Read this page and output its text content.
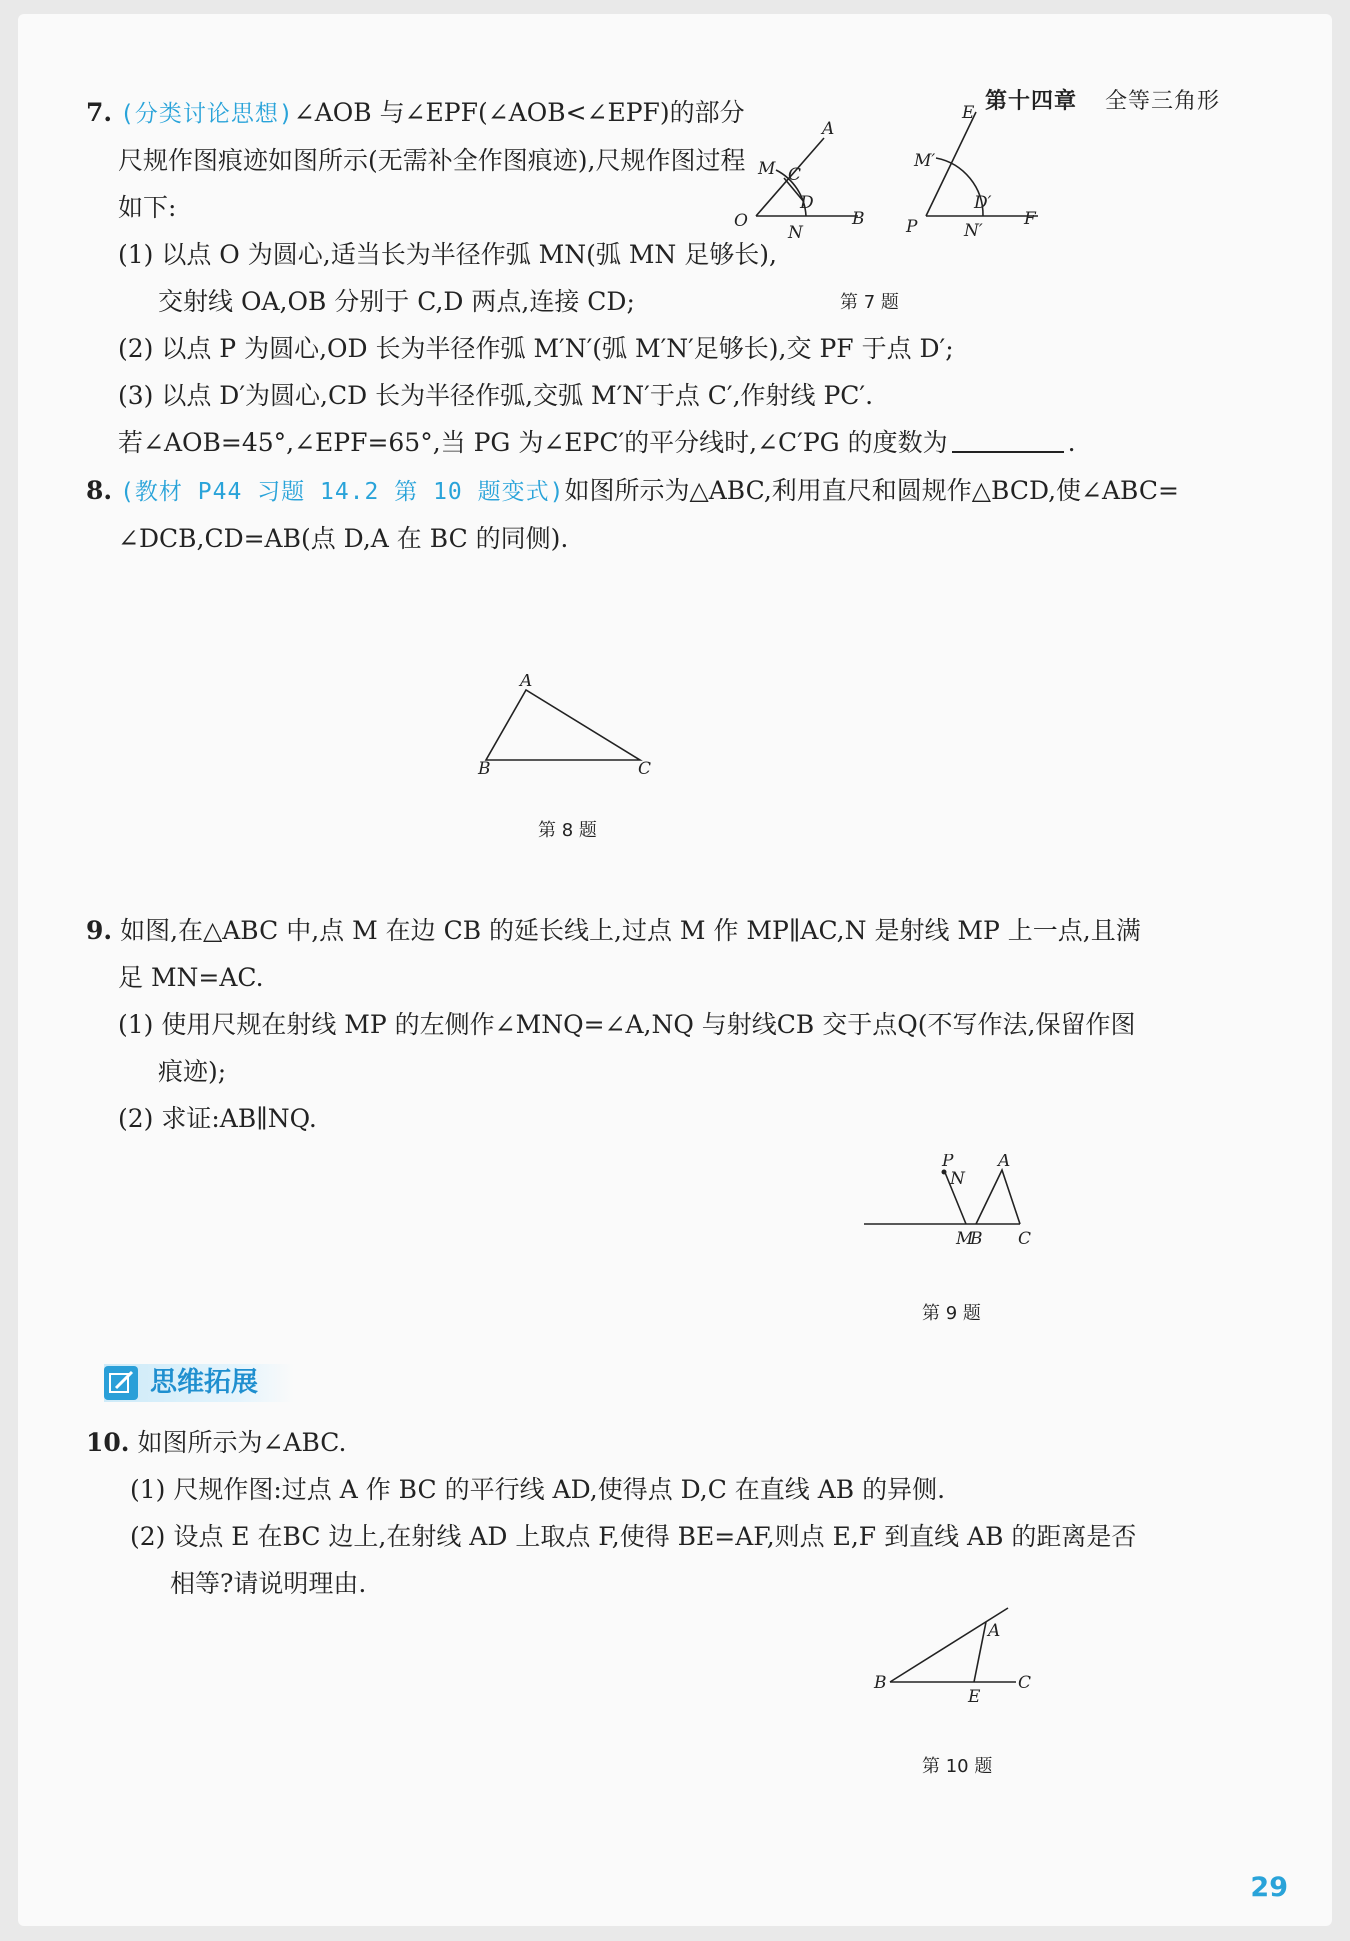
第十四章 全等三角形
7. (分类讨论思想)∠AOB 与∠EPF(∠AOB<∠EPF)的部分
尺规作图痕迹如图所示(无需补全作图痕迹),尺规作图过程
如下:
(1) 以点 O 为圆心,适当长为半径作弧 MN(弧 MN 足够长),
交射线 OA,OB 分别于 C,D 两点,连接 CD;
(2) 以点 P 为圆心,OD 长为半径作弧 M′N′(弧 M′N′足够长),交 PF 于点 D′;
(3) 以点 D′为圆心,CD 长为半径作弧,交弧 M′N′于点 C′,作射线 PC′.
若∠AOB=45°,∠EPF=65°,当 PG 为∠EPC′的平分线时,∠C′PG 的度数为	.
A
M C
D
O
N
B
E
M′
D′
P	N′
F
第 7 题
8. (教材 P44 习题 14.2 第 10 题变式)如图所示为△ABC,利用直尺和圆规作△BCD,使∠ABC=
∠DCB,CD=AB(点 D,A 在 BC 的同侧).
A
B	C
第 8 题
9. 如图,在△ABC 中,点 M 在边 CB 的延长线上,过点 M 作 MP∥AC,N 是射线 MP 上一点,且满
足 MN=AC.
(1) 使用尺规在射线 MP 的左侧作∠MNQ=∠A,NQ 与射线CB 交于点Q(不写作法,保留作图
痕迹);
(2) 求证:AB∥NQ.
P
N
A
M
B C
第 9 题
思维拓展
10. 如图所示为∠ABC.
(1) 尺规作图:过点 A 作 BC 的平行线 AD,使得点 D,C 在直线 AB 的异侧.
(2) 设点 E 在BC 边上,在射线 AD 上取点 F,使得 BE=AF,则点 E,F 到直线 AB 的距离是否
相等?请说明理由.
A
B
E
C
第 10 题
29
